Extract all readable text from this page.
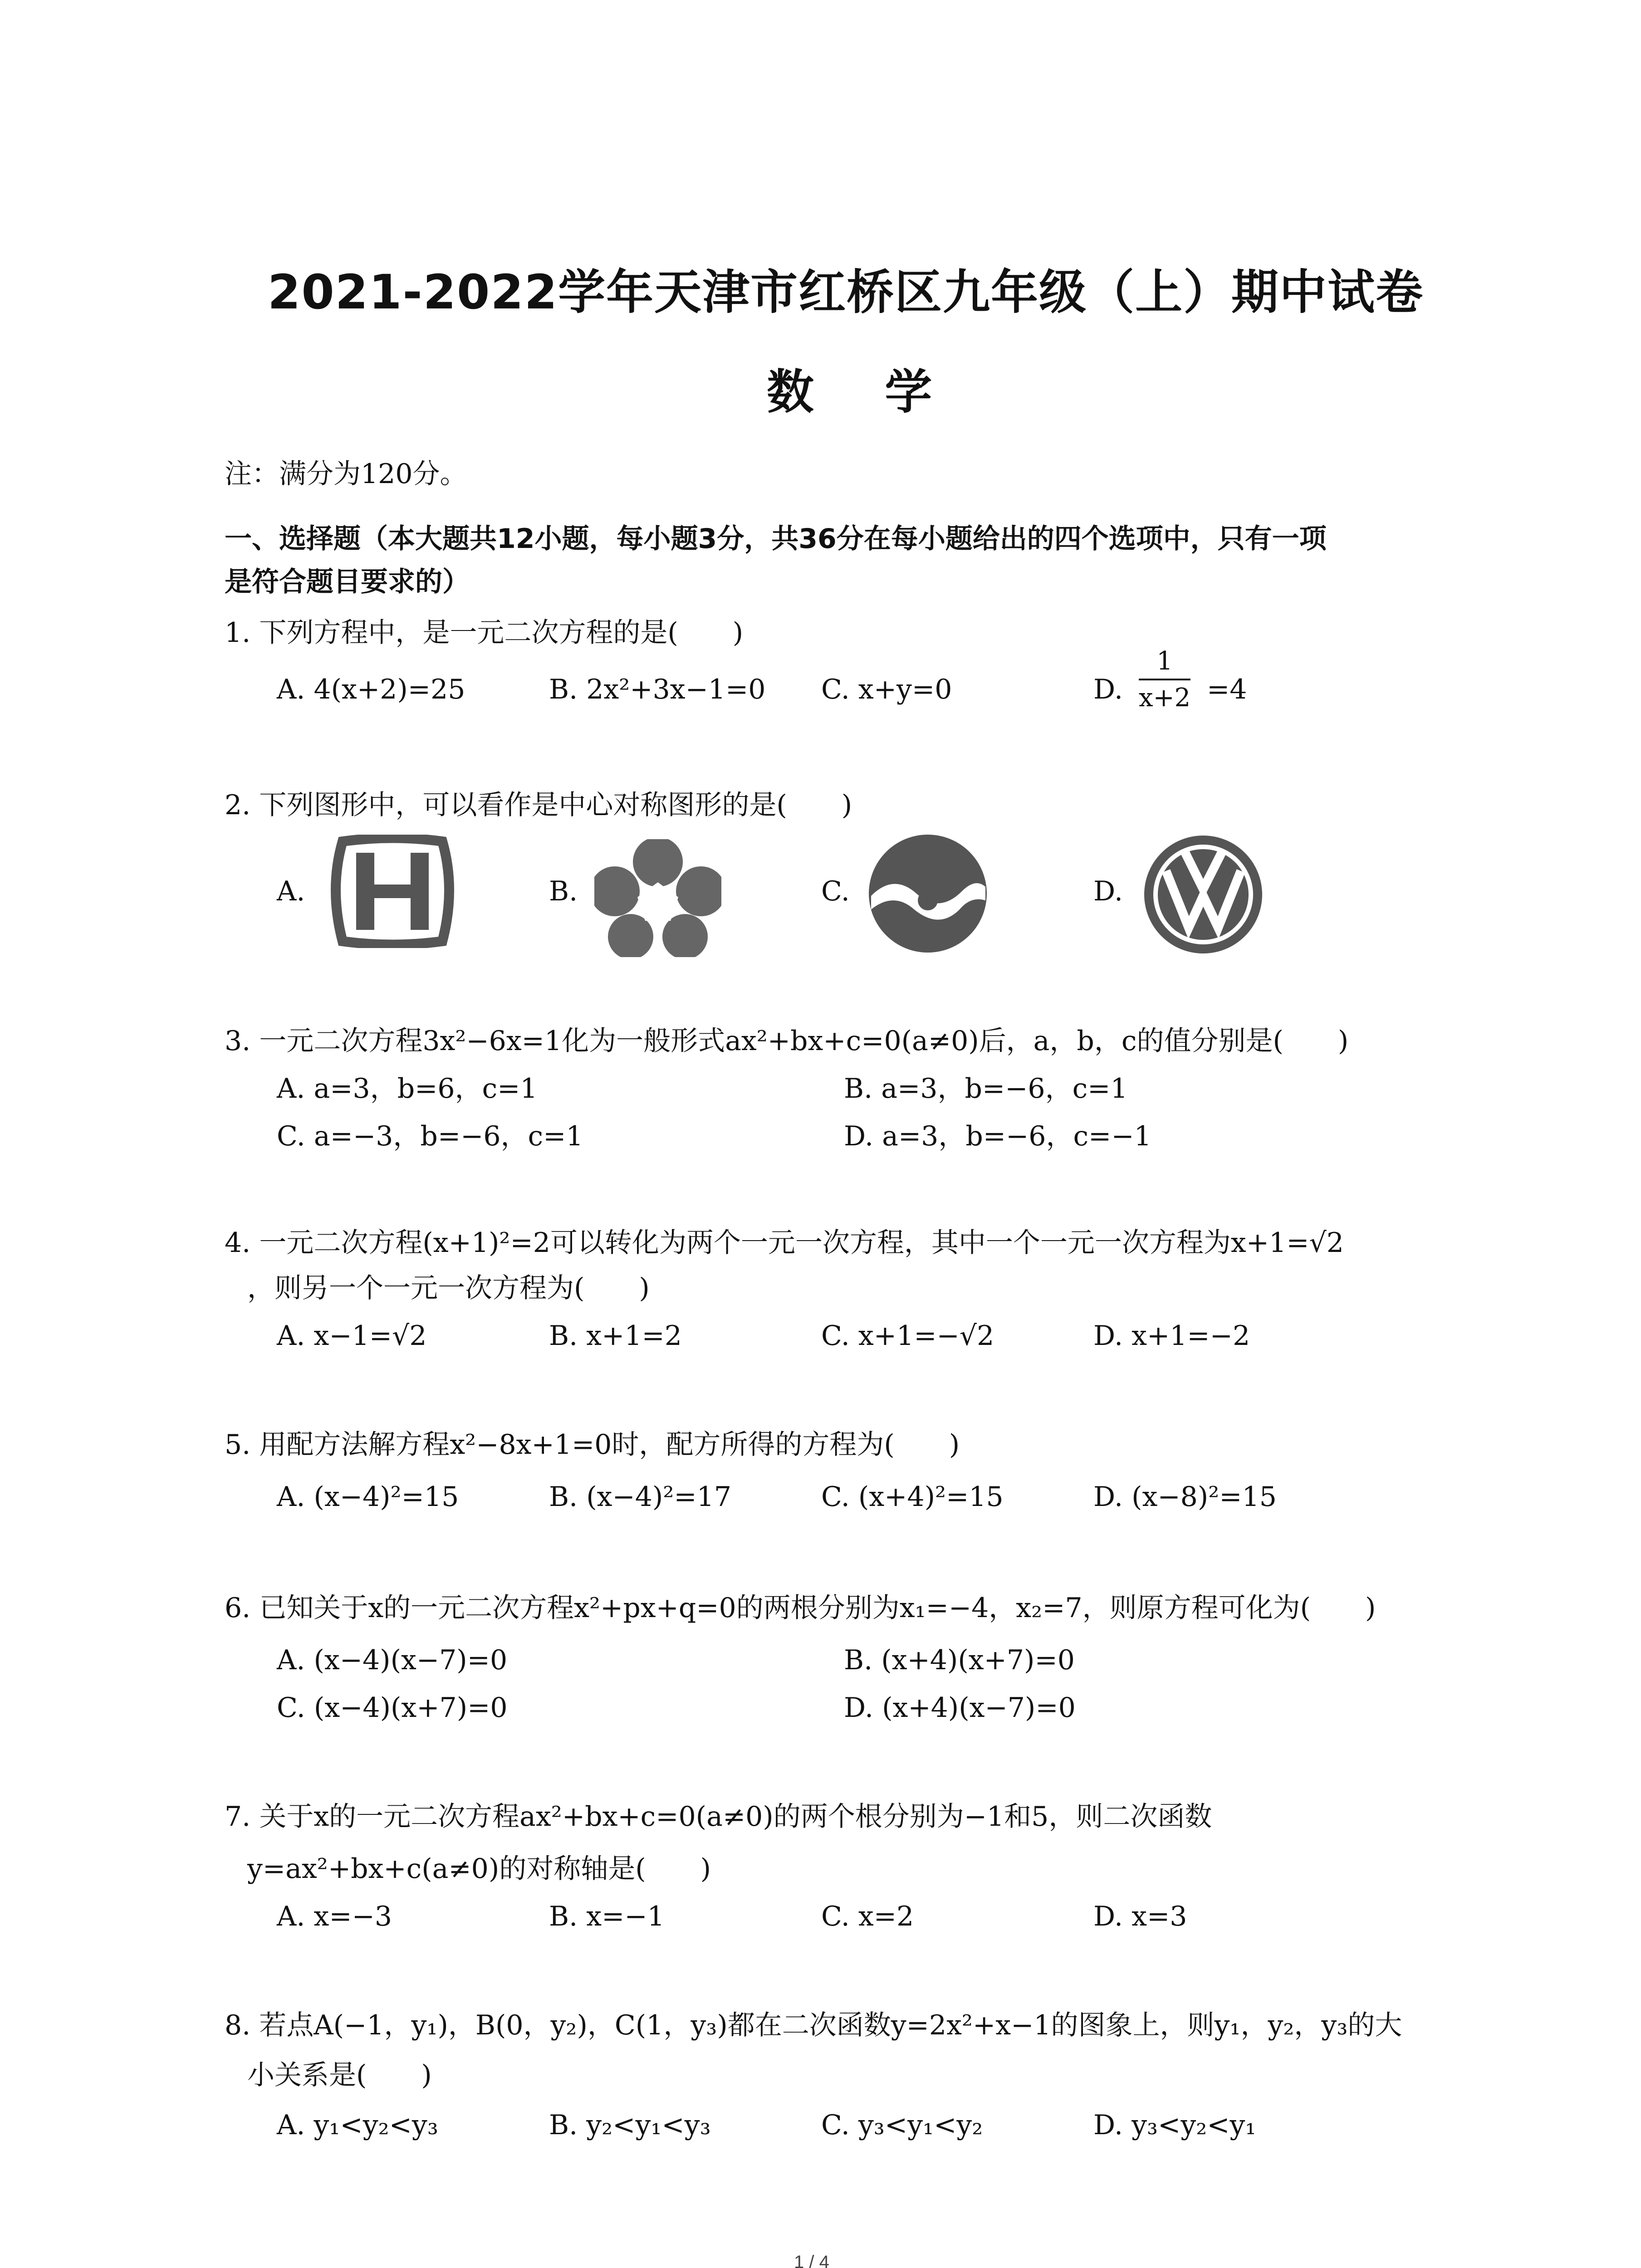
2021-2022学年天津市红桥区九年级（上）期中试卷
数 学
注：满分为120分。
一、选择题（本大题共12小题，每小题3分，共36分在每小题给出的四个选项中，只有一项
是符合题目要求的）
1. 下列方程中，是一元二次方程的是(　　)
A. 4(x+2)=25	B. 2x²+3x−1=0 C. x+y=0	D. $\frac{1}{x+2} =4$
2. 下列图形中，可以看作是中心对称图形的是(　　)
A.	B.	C.	D.
3. 一元二次方程3x²−6x=1化为一般形式ax²+bx+c=0(a≠0)后，a，b，c的值分别是(　　)
A. a=3，b=6，c=1	B. a=3，b=−6，c=1
C. a=−3，b=−6，c=1	D. a=3，b=−6，c=−1
4. 一元二次方程(x+1)²=2可以转化为两个一元一次方程，其中一个一元一次方程为x+1=√2
，则另一个一元一次方程为(　　)
A. x−1=√2	B. x+1=2	C. x+1=−√2	D. x+1=−2
5. 用配方法解方程x²−8x+1=0时，配方所得的方程为(　　)
A. (x−4)²=15	B. (x−4)²=17	C. (x+4)²=15	D. (x−8)²=15
6. 已知关于x的一元二次方程x²+px+q=0的两根分别为x₁=−4，x₂=7，则原方程可化为(　　)
A. (x−4)(x−7)=0	B. (x+4)(x+7)=0
C. (x−4)(x+7)=0	D. (x+4)(x−7)=0
7. 关于x的一元二次方程ax²+bx+c=0(a≠0)的两个根分别为−1和5，则二次函数
y=ax²+bx+c(a≠0)的对称轴是(　　)
A. x=−3	B. x=−1	C. x=2	D. x=3
8. 若点A(−1，y₁)，B(0，y₂)，C(1，y₃)都在二次函数y=2x²+x−1的图象上，则y₁，y₂，y₃的大
小关系是(　　)
A. y₁<y₂<y₃	B. y₂<y₁<y₃	C. y₃<y₁<y₂	D. y₃<y₂<y₁
1 / 4
